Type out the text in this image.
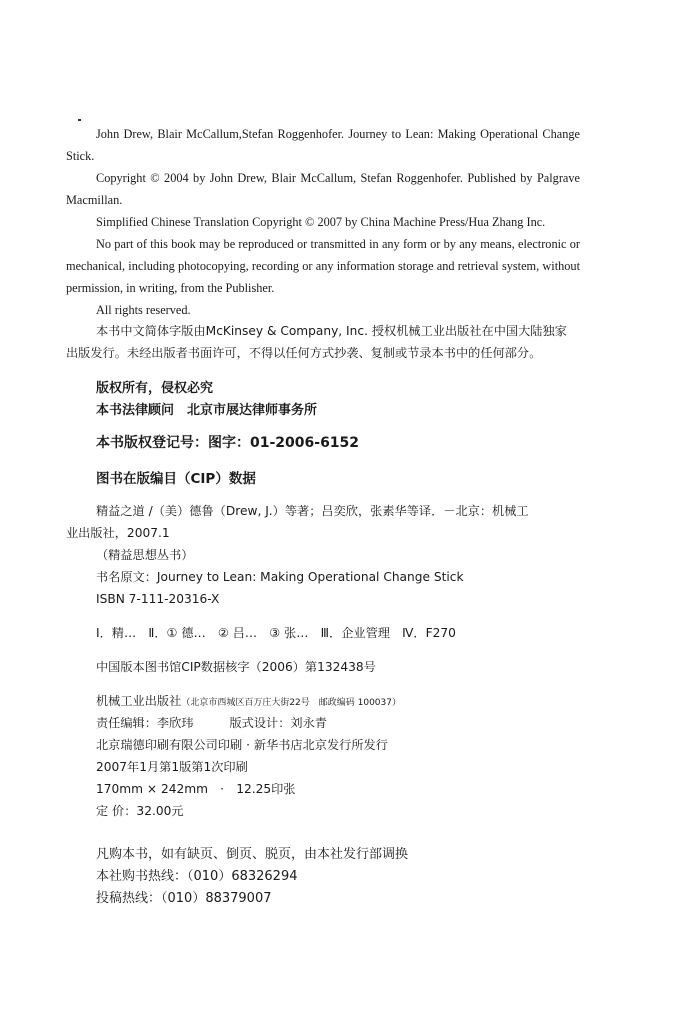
John Drew, Blair McCallum,Stefan Roggenhofer. Journey to Lean: Making Operational Change Stick.
Copyright © 2004 by John Drew, Blair McCallum, Stefan Roggenhofer. Published by Palgrave Macmillan.
Simplified Chinese Translation Copyright © 2007 by China Machine Press/Hua Zhang Inc.
No part of this book may be reproduced or transmitted in any form or by any means, electronic or mechanical, including photocopying, recording or any information storage and retrieval system, without permission, in writing, from the Publisher.
All rights reserved.
本书中文简体字版由McKinsey & Company, Inc. 授权机械工业出版社在中国大陆独家
出版发行。未经出版者书面许可，不得以任何方式抄袭、复制或节录本书中的任何部分。
版权所有，侵权必究
本书法律顾问　北京市展达律师事务所
本书版权登记号：图字：01-2006-6152
图书在版编目（CIP）数据
精益之道 /（美）德鲁（Drew, J.）等著；吕奕欣，张素华等译．－北京：机械工
业出版社，2007.1
（精益思想丛书）
书名原文：Journey to Lean: Making Operational Change Stick
ISBN 7-111-20316-X
Ⅰ．精…　Ⅱ．① 德…　② 吕…　③ 张…　Ⅲ．企业管理　Ⅳ．F270
中国版本图书馆CIP数据核字（2006）第132438号
机械工业出版社（北京市西城区百万庄大街22号　邮政编码 100037）
责任编辑：李欣玮	版式设计：刘永青
北京瑞德印刷有限公司印刷 · 新华书店北京发行所发行
2007年1月第1版第1次印刷
170mm × 242mm　·　12.25印张
定 价：32.00元
凡购本书，如有缺页、倒页、脱页，由本社发行部调换
本社购书热线：（010）68326294
投稿热线：（010）88379007
